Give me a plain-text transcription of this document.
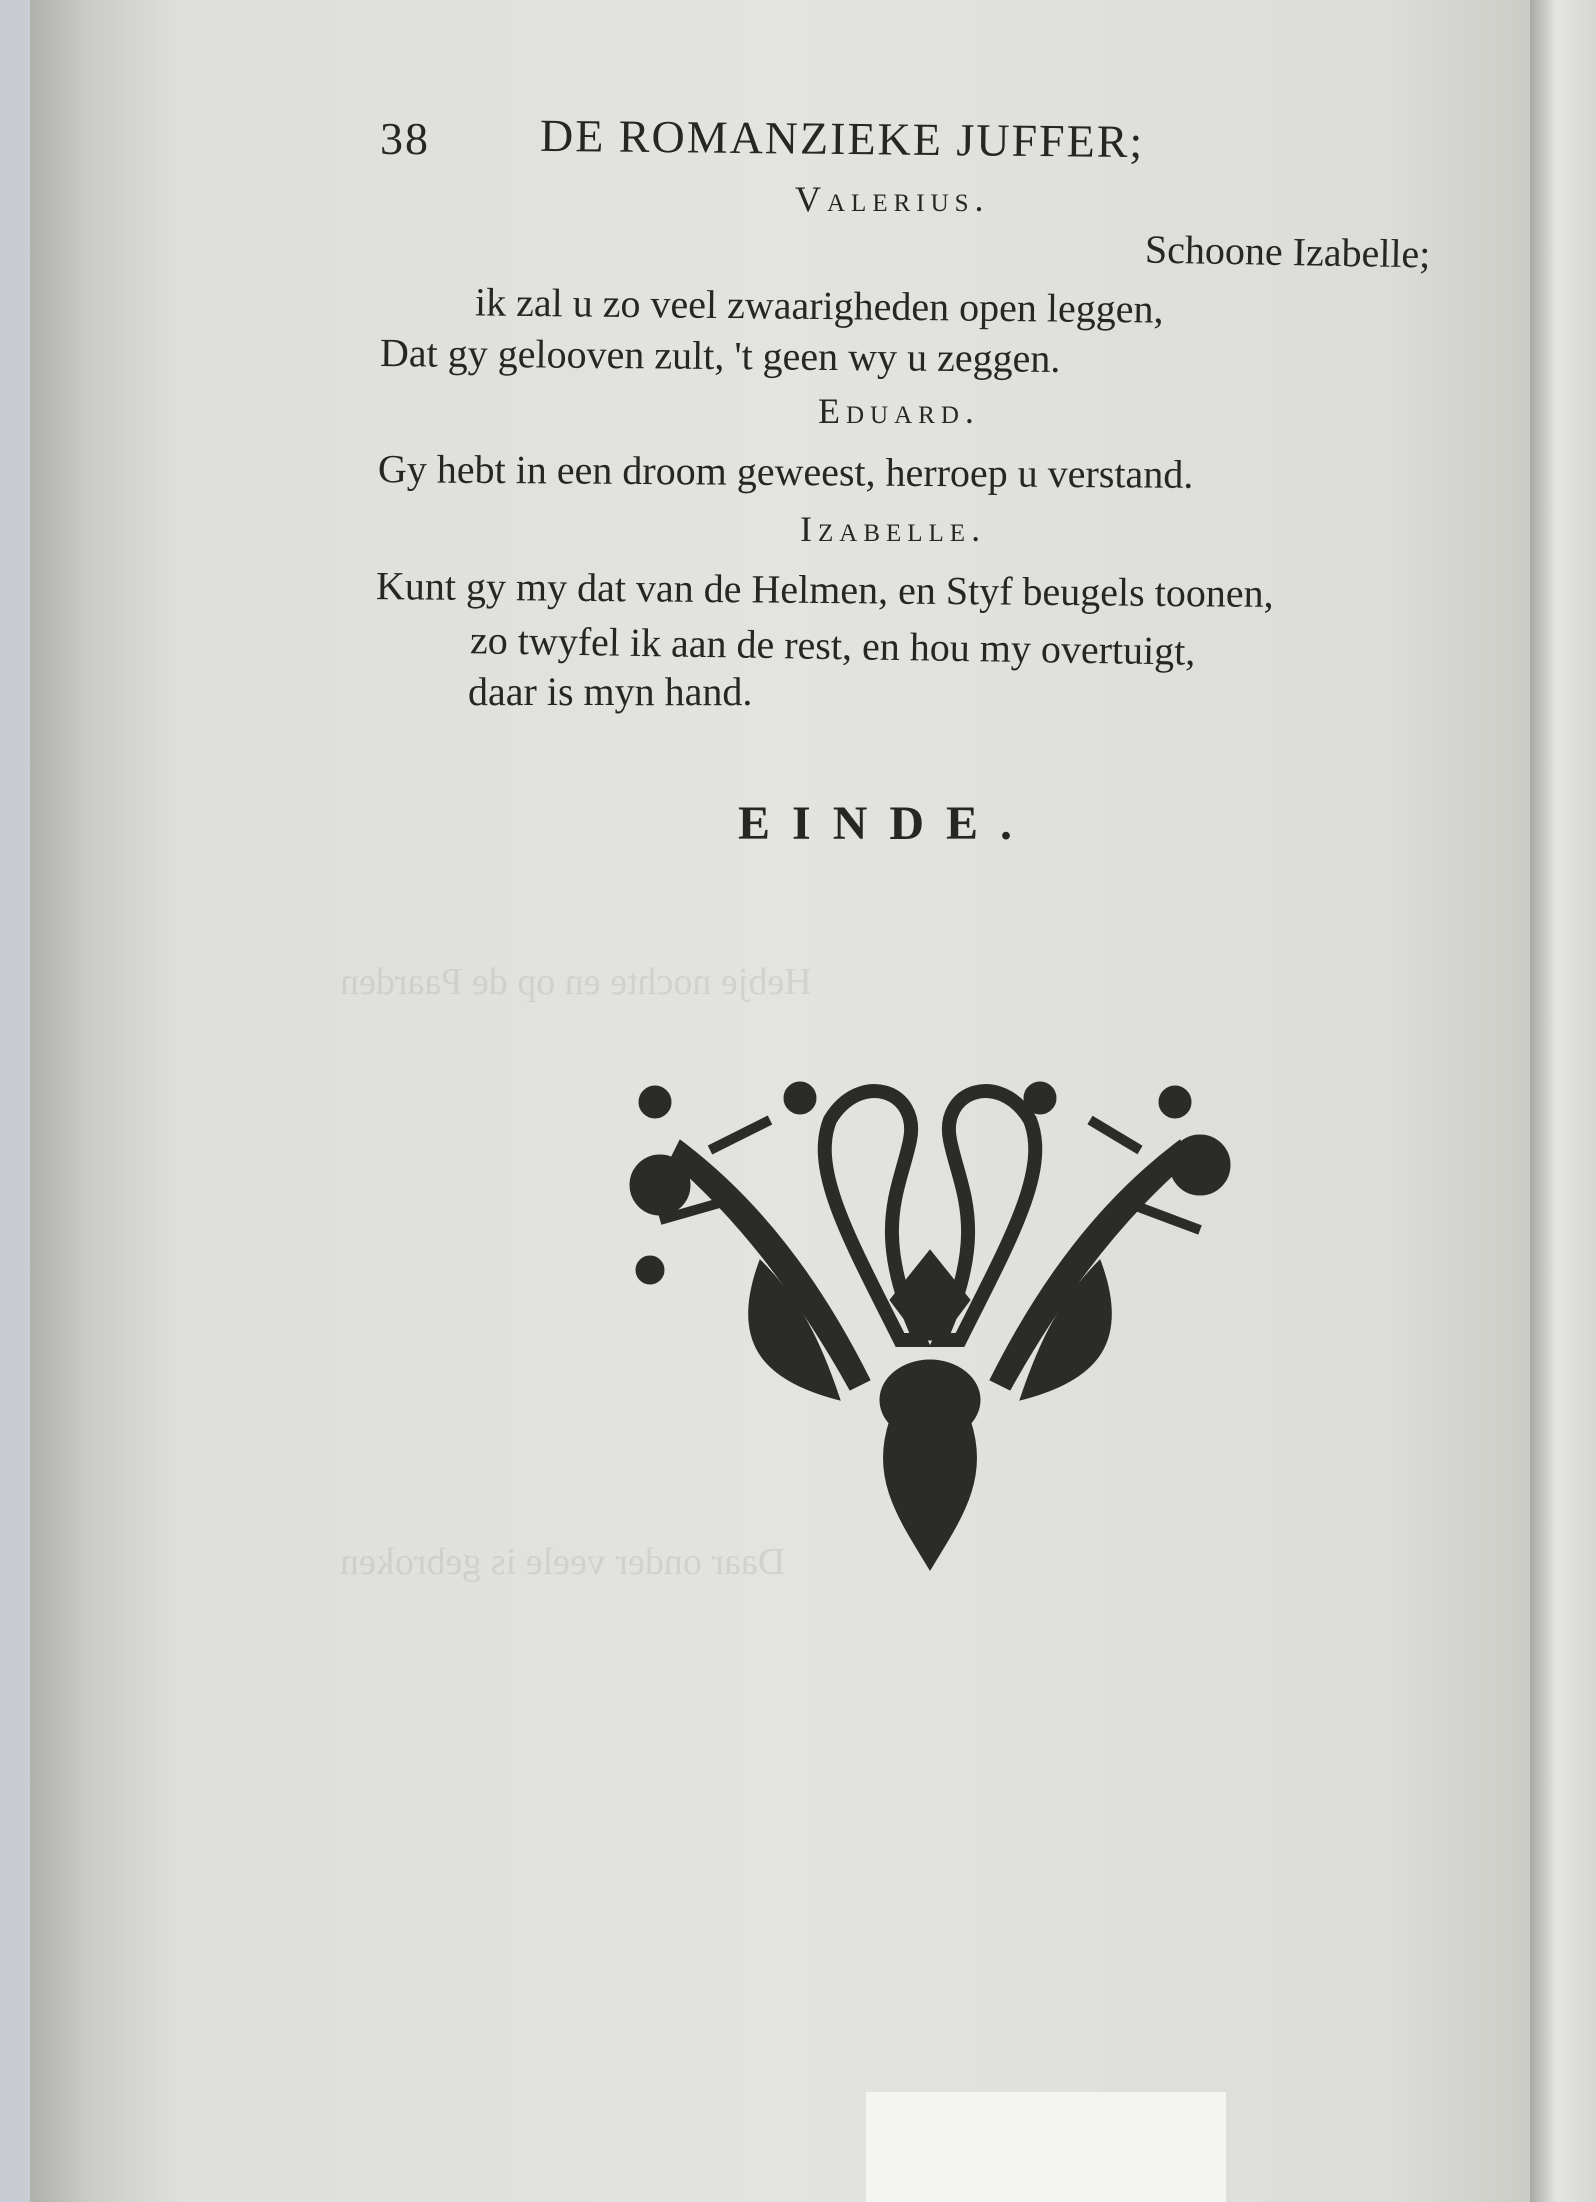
Hebje nochte en op de Paarden
Daar onder veele is gebroken
38 DE ROMANZIEKE JUFFER;
Valerius.
Schoone Izabelle;
ik zal u zo veel zwaarigheden open leggen,
Dat gy gelooven zult, 't geen wy u zeggen.
Eduard.
Gy hebt in een droom geweest, herroep u verstand.
Izabelle.
Kunt gy my dat van de Helmen, en Styf beugels toonen,
zo twyfel ik aan de rest, en hou my overtuigt,
daar is myn hand.
EINDE.
